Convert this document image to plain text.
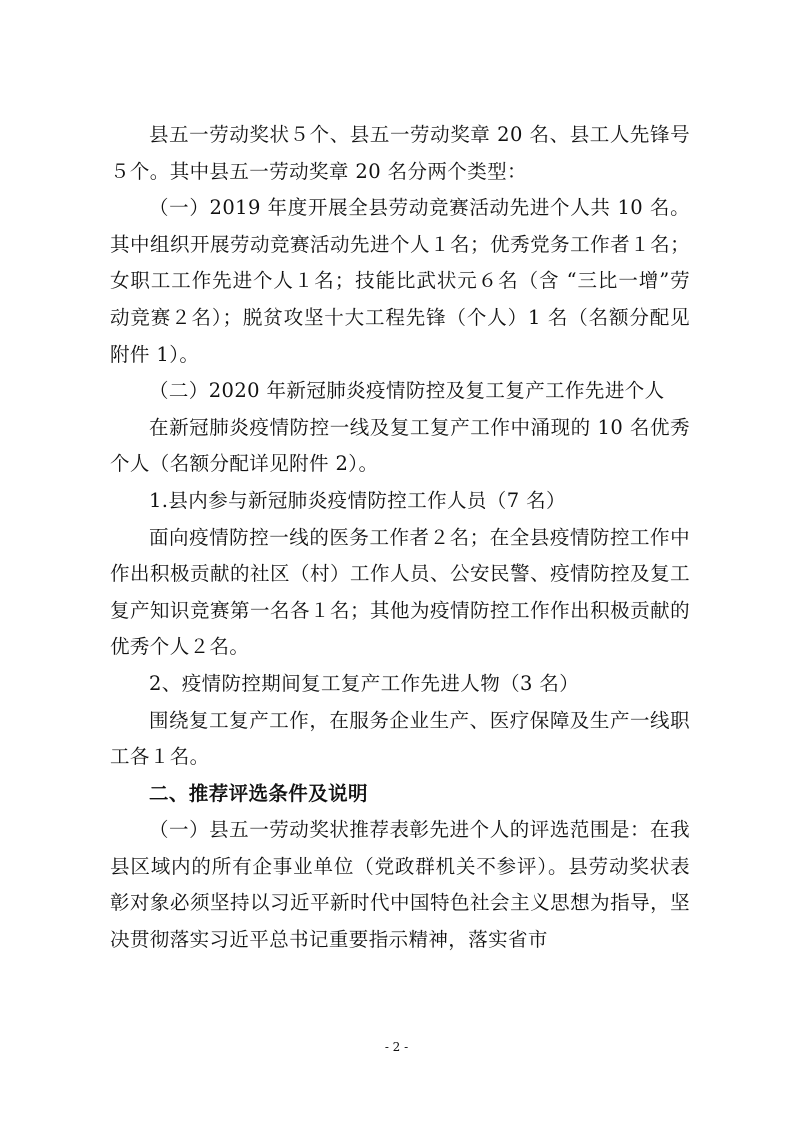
县五一劳动奖状５个、县五一劳动奖章 20 名、县工人先锋号５个。其中县五一劳动奖章 20 名分两个类型：

（一）2019 年度开展全县劳动竞赛活动先进个人共 10 名。其中组织开展劳动竞赛活动先进个人１名；优秀党务工作者１名；女职工工作先进个人１名；技能比武状元６名（含 “三比一增”劳动竞赛２名）；脱贫攻坚十大工程先锋（个人）1 名（名额分配见附件 1）。

（二）2020 年新冠肺炎疫情防控及复工复产工作先进个人

在新冠肺炎疫情防控一线及复工复产工作中涌现的 10 名优秀个人（名额分配详见附件 2）。

1.县内参与新冠肺炎疫情防控工作人员（7 名）

面向疫情防控一线的医务工作者２名；在全县疫情防控工作中作出积极贡献的社区（村）工作人员、公安民警、疫情防控及复工复产知识竞赛第一名各１名；其他为疫情防控工作作出积极贡献的优秀个人２名。

2、疫情防控期间复工复产工作先进人物（3 名）

围绕复工复产工作，在服务企业生产、医疗保障及生产一线职工各１名。

二、推荐评选条件及说明

（一）县五一劳动奖状推荐表彰先进个人的评选范围是：在我县区域内的所有企事业单位（党政群机关不参评）。县劳动奖状表彰对象必须坚持以习近平新时代中国特色社会主义思想为指导，坚决贯彻落实习近平总书记重要指示精神，落实省市

- 2 -
